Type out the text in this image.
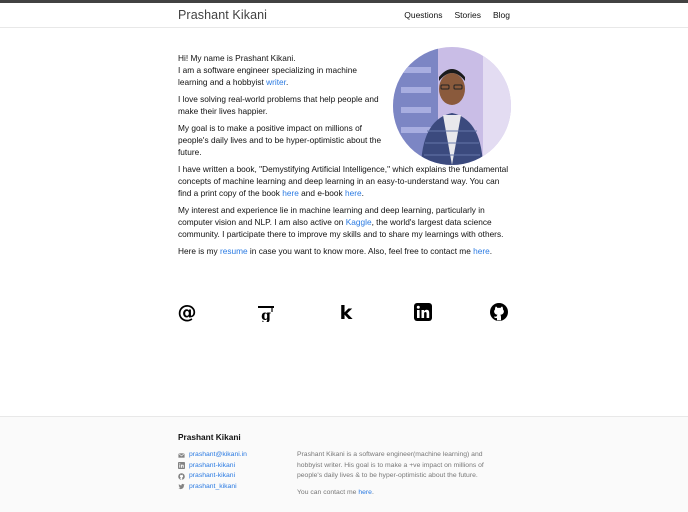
Prashant Kikani	Questions Stories Blog

Hi! My name is Prashant Kikani.
I am a software engineer specializing in machine learning and a hobbyist writer.

I love solving real-world problems that help people and make their lives happier.

My goal is to make a positive impact on millions of people's daily lives and to be hyper-optimistic about the future.

I have written a book, "Demystifying Artificial Intelligence," which explains the fundamental concepts of machine learning and deep learning in an easy-to-understand way. You can find a print copy of the book here and e-book here.

My interest and experience lie in machine learning and deep learning, particularly in computer vision and NLP. I am also active on Kaggle, the world's largest data science community. I participate there to improve my skills and to share my learnings with others.

Here is my resume in case you want to know more. Also, feel free to contact me here.

@	g	k
Prashant Kikani
prashant@kikani.in
prashant-kikani
prashant-kikani
prashant_kikani

Prashant Kikani is a software engineer(machine learning) and hobbyist writer. His goal is to make a +ve impact on millions of people's daily lives & to be hyper-optimistic about the future.

You can contact me here.
